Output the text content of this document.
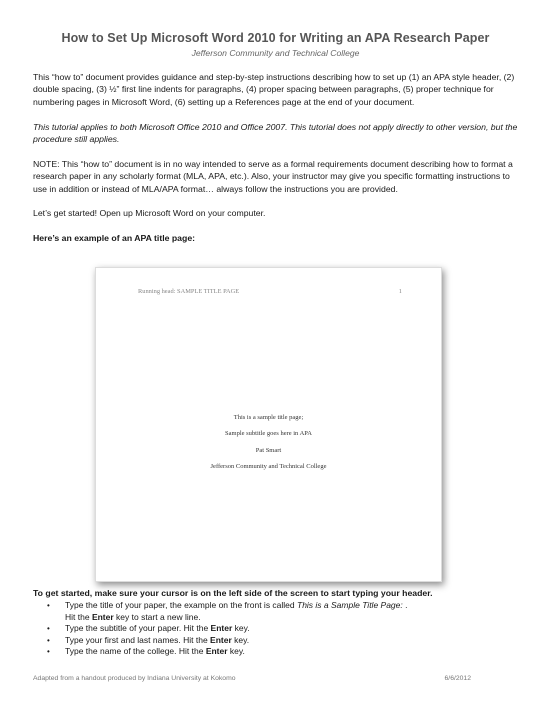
How to Set Up Microsoft Word 2010 for Writing an APA Research Paper
Jefferson Community and Technical College
This “how to” document provides guidance and step-by-step instructions describing how to set up (1) an APA style header, (2) double spacing, (3) ½” first line indents for paragraphs, (4) proper spacing between paragraphs, (5) proper technique for numbering pages in Microsoft Word, (6) setting up a References page at the end of your document.
This tutorial applies to both Microsoft Office 2010 and Office 2007. This tutorial does not apply directly to other version, but the procedure still applies.
NOTE: This “how to” document is in no way intended to serve as a formal requirements document describing how to format a research paper in any scholarly format (MLA, APA, etc.). Also, your instructor may give you specific formatting instructions to use in addition or instead of MLA/APA format… always follow the instructions you are provided.
Let’s get started! Open up Microsoft Word on your computer.
Here’s an example of an APA title page:
Running head: SAMPLE TITLE PAGE	1
This is a sample title page;
Sample subtitle goes here in APA
Pat Smart
Jefferson Community and Technical College
To get started, make sure your cursor is on the left side of the screen to start typing your header.
• Type the title of your paper, the example on the front is called This is a Sample Title Page: .
Hit the Enter key to start a new line.
• Type the subtitle of your paper. Hit the Enter key.
• Type your first and last names. Hit the Enter key.
• Type the name of the college. Hit the Enter key.
Adapted from a handout produced by Indiana University at Kokomo	6/6/2012
